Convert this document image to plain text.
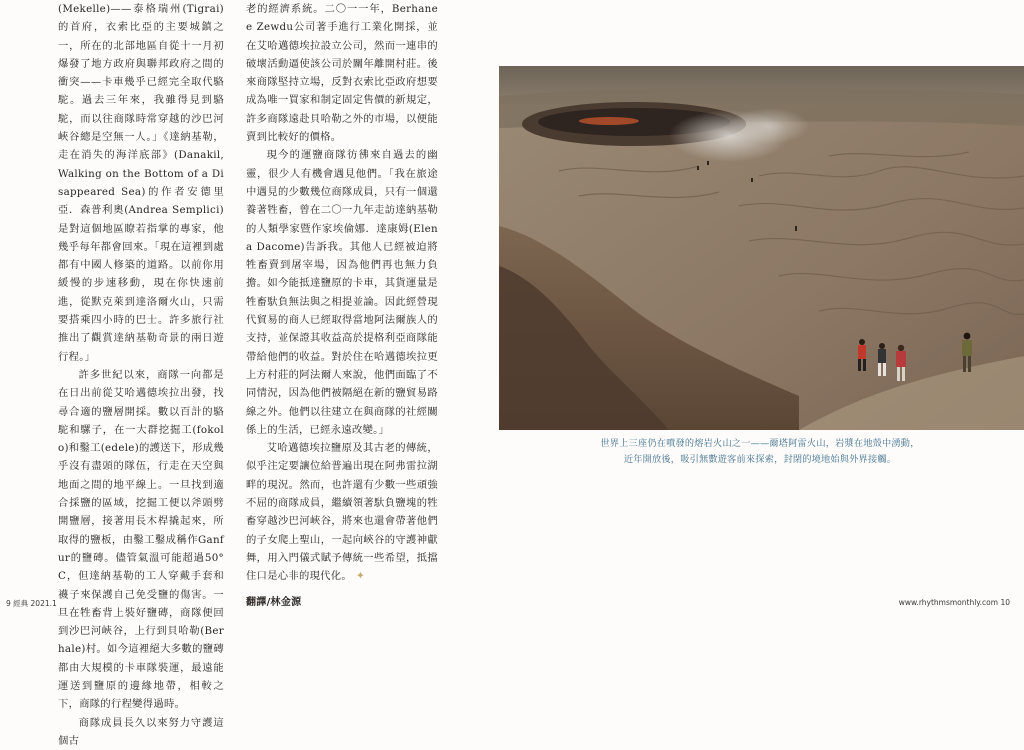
(Mekelle)——泰格瑞州(Tigrai)的首府，衣索比亞的主要城鎮之一，所在的北部地區自從十一月初爆發了地方政府與聯邦政府之間的衝突——卡車幾乎已經完全取代駱駝。過去三年來，我雖得見到駱駝，而以往商隊時常穿越的沙巴河峽谷總是空無一人。」《達納基勒，走在消失的海洋底部》(Danakil, Walking on the Bottom of a Disappeared Sea)的作者安德里亞．森普利奧(Andrea Semplici)是對這個地區瞭若指掌的專家，他幾乎每年都會回來。「現在這裡到處都有中國人修築的道路。以前你用緩慢的步速移動，現在你快速前進，從默克萊到達洛爾火山，只需要搭乘四小時的巴士。許多旅行社推出了觀賞達納基勒奇景的兩日遊行程。」

許多世紀以來，商隊一向都是在日出前從艾哈邁德埃拉出發，找尋合適的鹽層開採。數以百計的駱駝和騾子，在一大群挖掘工(fokolo)和鑿工(edele)的護送下，形成幾乎沒有盡頭的隊伍，行走在天空與地面之間的地平線上。一旦找到適合採鹽的區域，挖掘工便以斧頭劈開鹽層，接著用長木桿撬起來，所取得的鹽板，由鑿工鑿成稱作Ganfur的鹽磚。儘管氣溫可能超過50°C，但達納基勒的工人穿戴手套和襪子來保護自己免受鹽的傷害。一旦在牲畜背上裝好鹽磚，商隊便回到沙巴河峽谷，上行到貝哈勒(Berhale)村。如今這裡絕大多數的鹽磚都由大規模的卡車隊裝運，最遠能運送到鹽原的邊緣地帶，相較之下，商隊的行程變得過時。

商隊成員長久以來努力守護這個古

老的經濟系統。二〇一一年，Berhane e Zewdu公司著手進行工業化開採，並在艾哈邁德埃拉設立公司，然而一連串的破壞活動逼使該公司於關年離開村莊。後來商隊堅持立場，反對衣索比亞政府想要成為唯一買家和制定固定售價的新規定，許多商隊遠赴貝哈勒之外的市場，以便能賣到比較好的價格。

現今的運鹽商隊彷彿來自過去的幽靈，很少人有機會遇見他們。「我在旅途中遇見的少數幾位商隊成員，只有一個還養著牲畜，曾在二〇一九年走訪達納基勒的人類學家暨作家埃倫娜．達康姆(Elena Dacome)告訴我。其他人已經被迫將牲畜賣到屠宰場，因為他們再也無力負擔。如今能抵達鹽原的卡車，其貨運量是牲畜馱負無法與之相提並論。因此經營現代貿易的商人已經取得當地阿法爾族人的支持，並保證其收益高於提格利亞商隊能帶給他們的收益。對於住在哈邁德埃拉更上方村莊的阿法爾人來說，他們面臨了不同情況，因為他們被隔絕在新的鹽貿易路線之外。他們以往建立在與商隊的社經關係上的生活，已經永遠改變。」

艾哈邁德埃拉鹽原及其古老的傳統，似乎注定要讓位給普遍出現在阿弗雷拉湖畔的現況。然而，也許還有少數一些頑強不屈的商隊成員，繼續領著馱負鹽塊的牲畜穿越沙巴河峽谷，將來也還會帶著他們的子女爬上聖山，一起向峽谷的守護神獻舞，用入門儀式賦予傳統一些希望，抵擋住口是心非的現代化。 ✦

翻譯/林金源
世界上三座仍在噴發的熔岩火山之一——爾塔阿雷火山，岩漿在地殼中湧動，
近年開放後，吸引無數遊客前來探索，封閉的境地始與外界接觸。
9 經典 2021.1	www.rhythmsmonthly.com 10
